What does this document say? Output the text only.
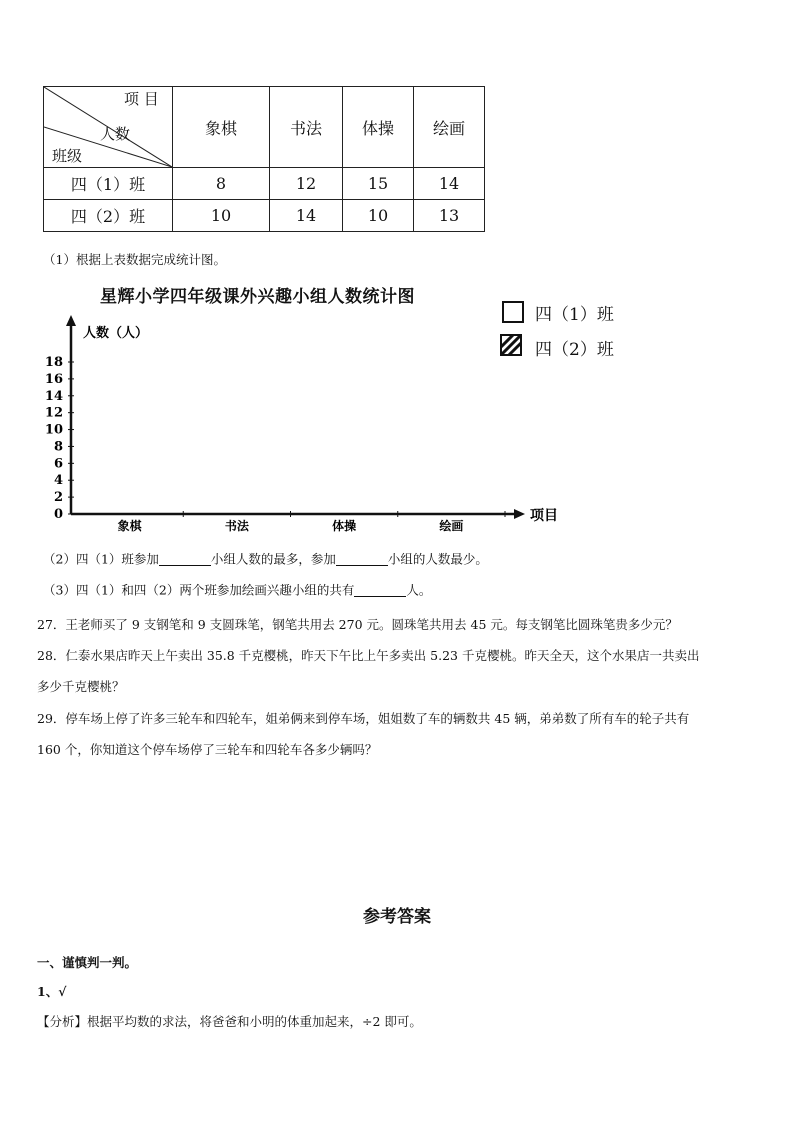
项 目
人数
班级	象棋	书法	体操	绘画
四（1）班	8	12	15	14
四（2）班	10	14	10	13
（1）根据上表数据完成统计图。
星辉小学四年级课外兴趣小组人数统计图
四（1）班
四（2）班
人数（人）
项目
0
2
4
6
8
10
12
14
16
18
象棋	书法	体操	绘画
（2）四（1）班参加	小组人数的最多，参加	小组的人数最少。
（3）四（1）和四（2）两个班参加绘画兴趣小组的共有	人。
27．王老师买了 9 支钢笔和 9 支圆珠笔，钢笔共用去 270 元。圆珠笔共用去 45 元。每支钢笔比圆珠笔贵多少元？
28．仁泰水果店昨天上午卖出 35.8 千克樱桃，昨天下午比上午多卖出 5.23 千克樱桃。昨天全天，这个水果店一共卖出
多少千克樱桃？
29．停车场上停了许多三轮车和四轮车，姐弟俩来到停车场，姐姐数了车的辆数共 45 辆，弟弟数了所有车的轮子共有
160 个，你知道这个停车场停了三轮车和四轮车各多少辆吗？
参考答案
一、谨慎判一判。
1、√
【分析】根据平均数的求法，将爸爸和小明的体重加起来，÷2 即可。
